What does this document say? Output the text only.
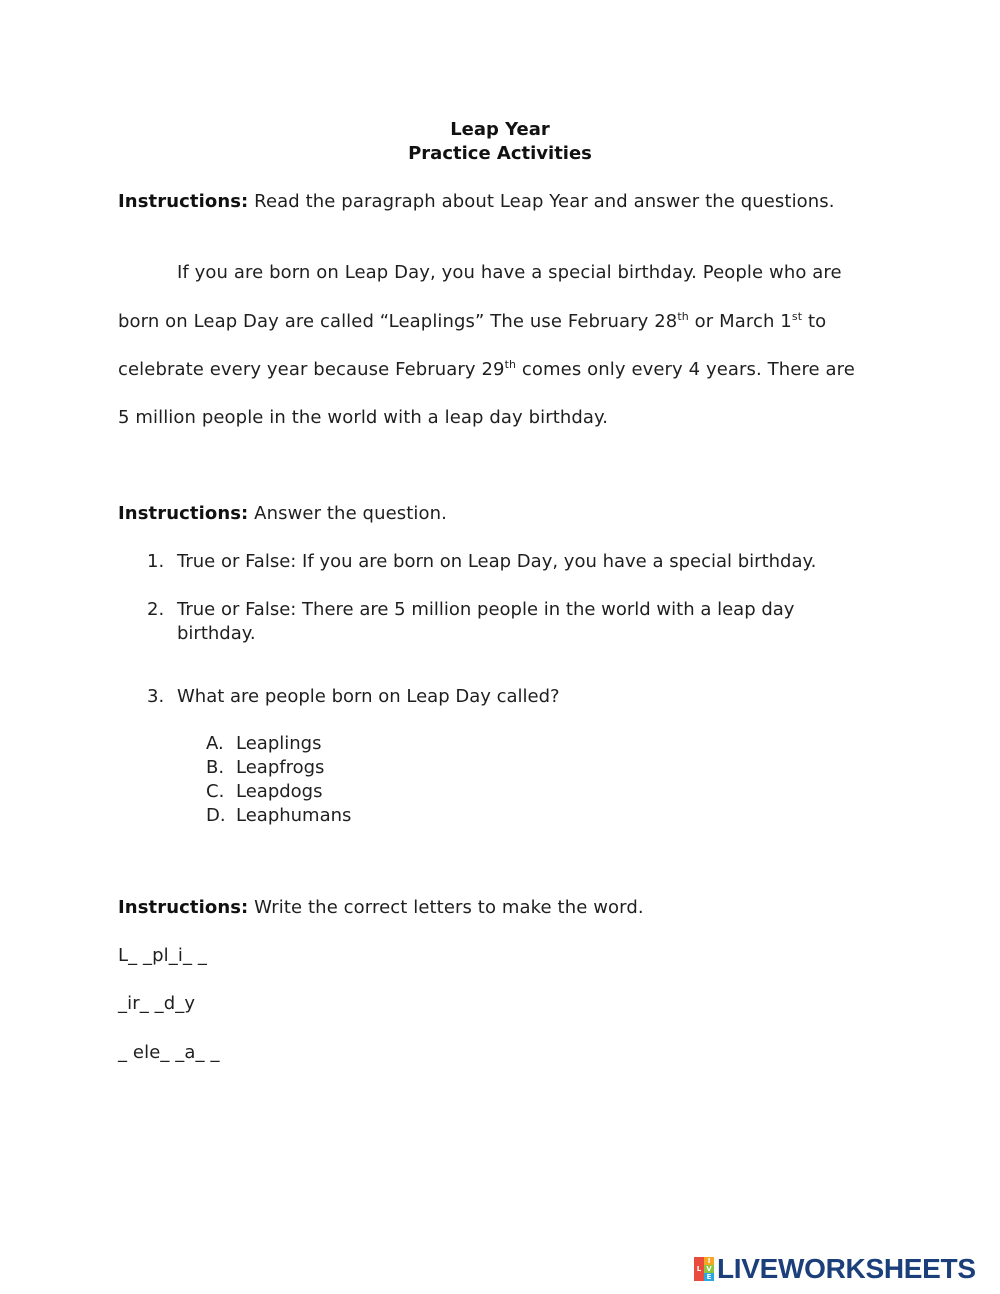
Leap Year
Practice Activities
Instructions: Read the paragraph about Leap Year and answer the questions.
If you are born on Leap Day, you have a special birthday. People who are
born on Leap Day are called “Leaplings” The use February 28th or March 1st to
celebrate every year because February 29th comes only every 4 years. There are
5 million people in the world with a leap day birthday.
Instructions: Answer the question.
1. True or False: If you are born on Leap Day, you have a special birthday.
2. True or False: There are 5 million people in the world with a leap day
birthday.
3. What are people born on Leap Day called?
A. Leaplings
B. Leapfrogs
C. Leapdogs
D. Leaphumans
Instructions: Write the correct letters to make the word.
L_ _pl_i_ _
_ir_ _d_y
_ ele_ _a_ _
L
I
V
E LIVEWORKSHEETS
